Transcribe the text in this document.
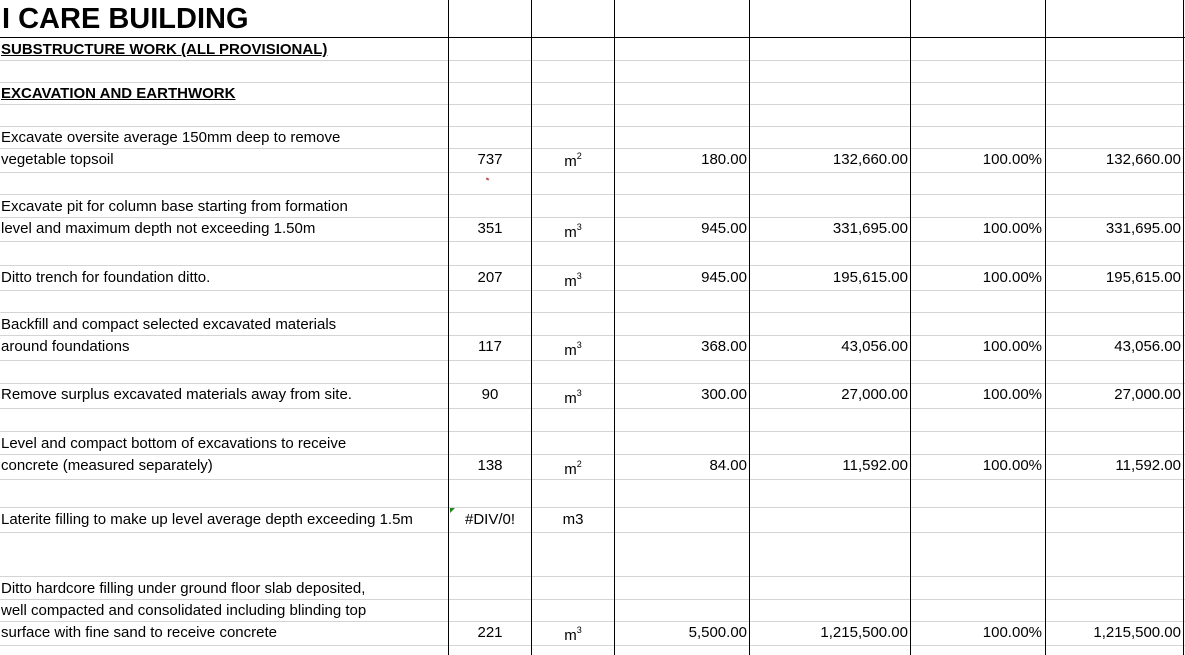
I CARE BUILDING
SUBSTRUCTURE WORK (ALL PROVISIONAL)
EXCAVATION AND EARTHWORK
Excavate oversite average 150mm deep to remove
vegetable topsoil	737	$m^2$	180.00	132,660.00	100.00%	132,660.00
Excavate pit for column base starting from formation
level and maximum depth not exceeding 1.50m	351	$m^3$	945.00	331,695.00	100.00%	331,695.00
Ditto trench for foundation ditto.	207	$m^3$	945.00	195,615.00	100.00%	195,615.00
Backfill and compact selected excavated materials
around foundations	117	$m^3$	368.00	43,056.00	100.00%	43,056.00
Remove surplus excavated materials away from site.	90	$m^3$	300.00	27,000.00	100.00%	27,000.00
Level and compact bottom of excavations to receive
concrete (measured separately)	138	$m^2$	84.00	11,592.00	100.00%	11,592.00
Laterite filling to make up level average depth exceeding 1.5m	#DIV/0!	m3
Ditto hardcore filling under ground floor slab deposited,
well compacted and consolidated including blinding top
surface with fine sand to receive concrete	221	$m^3$	5,500.00	1,215,500.00	100.00%	1,215,500.00
